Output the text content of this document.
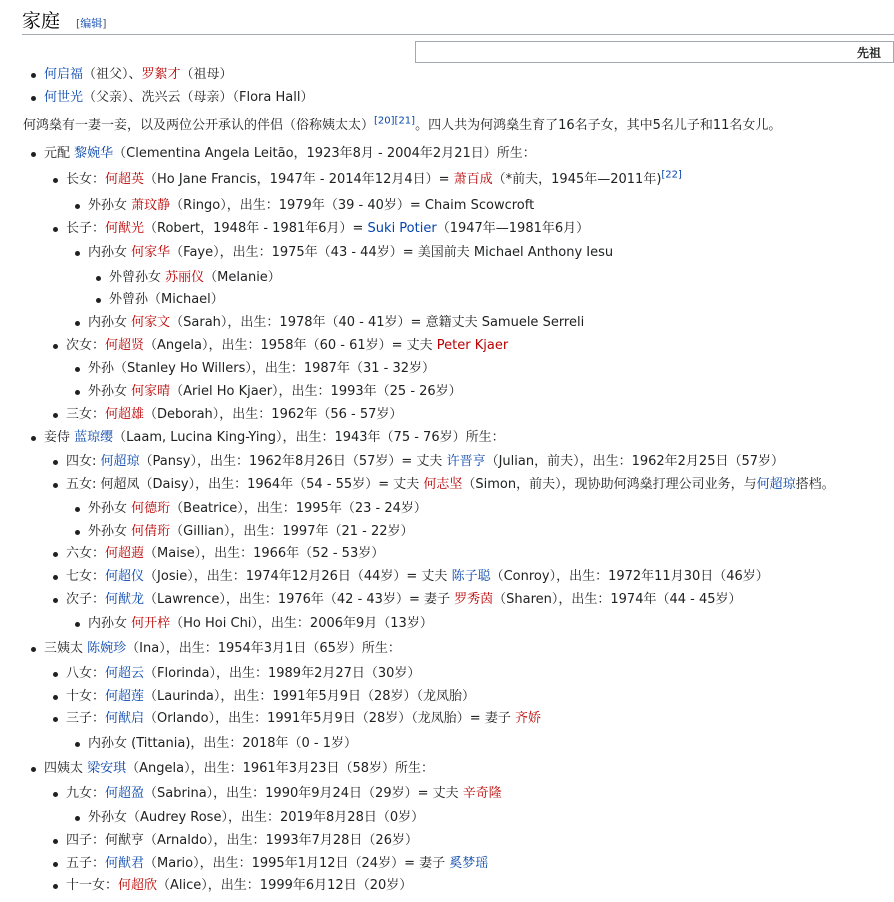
家庭 [编辑]
先祖
何启福（祖父）、罗絮才（祖母）
何世光（父亲）、冼兴云（母亲）（Flora Hall）
何鸿燊有一妻一妾，以及两位公开承认的伴侣（俗称姨太太）[20][21]。四人共为何鸿燊生育了16名子女，其中5名儿子和11名女儿。
元配 黎婉华（Clementina Angela Leitão，1923年8月 - 2004年2月21日）所生：
长女：何超英（Ho Jane Francis，1947年 - 2014年12月4日）= 萧百成（*前夫，1945年—2011年)[22]
外孙女 萧玟静（Ringo），出生：1979年（39 - 40岁）= Chaim Scowcroft
长子：何猷光（Robert，1948年 - 1981年6月）= Suki Potier（1947年—1981年6月）
内孙女 何家华（Faye），出生：1975年（43 - 44岁）= 美国前夫 Michael Anthony Iesu
外曾孙女 苏丽仪（Melanie）
外曾孙（Michael）
内孙女 何家文（Sarah），出生：1978年（40 - 41岁）= 意籍丈夫 Samuele Serreli
次女：何超贤（Angela），出生：1958年（60 - 61岁）= 丈夫 Peter Kjaer
外孙（Stanley Ho Willers），出生：1987年（31 - 32岁）
外孙女 何家晴（Ariel Ho Kjaer），出生：1993年（25 - 26岁）
三女：何超雄（Deborah），出生：1962年（56 - 57岁）
妾侍 蓝琼缨（Laam, Lucina King-Ying），出生：1943年（75 - 76岁）所生：
四女: 何超琼（Pansy），出生：1962年8月26日（57岁）= 丈夫 许晋亨（Julian，前夫），出生：1962年2月25日（57岁）
五女: 何超凤（Daisy），出生：1964年（54 - 55岁）= 丈夫 何志坚（Simon，前夫），现协助何鸿燊打理公司业务，与何超琼搭档。
外孙女 何德珩（Beatrice），出生：1995年（23 - 24岁）
外孙女 何倩珩（Gillian），出生：1997年（21 - 22岁）
六女：何超蕸（Maise），出生：1966年（52 - 53岁）
七女：何超仪（Josie），出生：1974年12月26日（44岁）= 丈夫 陈子聪（Conroy），出生：1972年11月30日（46岁）
次子：何猷龙（Lawrence），出生：1976年（42 - 43岁）= 妻子 罗秀茵（Sharen），出生：1974年（44 - 45岁）
内孙女 何开梓（Ho Hoi Chi），出生：2006年9月（13岁）
三姨太 陈婉珍（Ina），出生：1954年3月1日（65岁）所生：
八女：何超云（Florinda），出生：1989年2月27日（30岁）
十女：何超莲（Laurinda），出生：1991年5月9日（28岁）（龙凤胎）
三子：何猷启（Orlando），出生：1991年5月9日（28岁）（龙凤胎）= 妻子 齐娇
内孙女 (Tittania)，出生：2018年（0 - 1岁）
四姨太 梁安琪（Angela），出生：1961年3月23日（58岁）所生：
九女：何超盈（Sabrina），出生：1990年9月24日（29岁）= 丈夫 辛奇隆
外孙女（Audrey Rose），出生：2019年8月28日（0岁）
四子：何猷亨（Arnaldo），出生：1993年7月28日（26岁）
五子：何猷君（Mario），出生：1995年1月12日（24岁）= 妻子 奚梦瑶
十一女：何超欣（Alice），出生：1999年6月12日（20岁）
